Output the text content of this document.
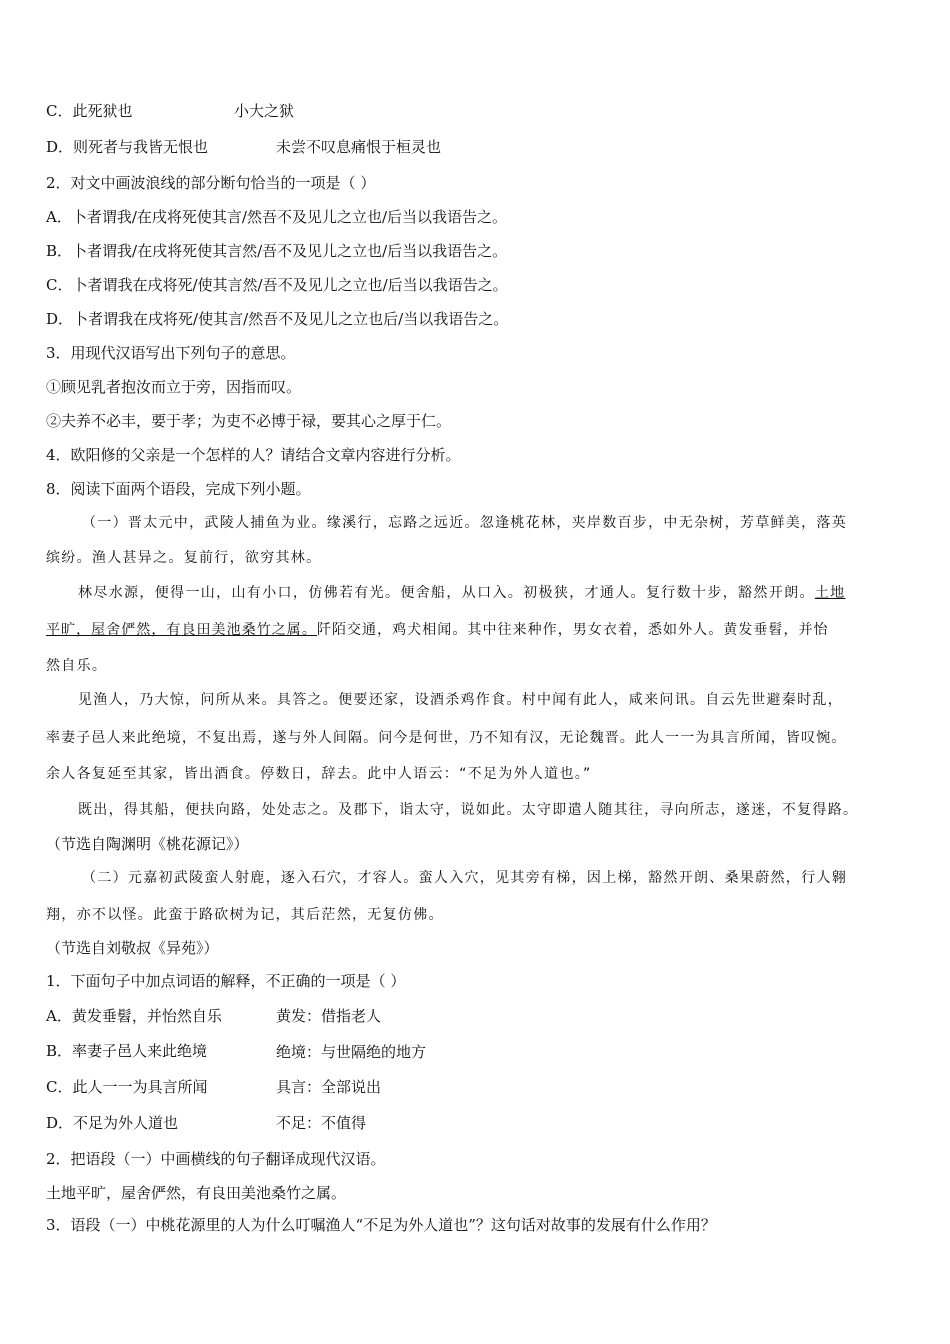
C．此死狱也	小大之狱
D．则死者与我皆无恨也	未尝不叹息痛恨于桓灵也
2．对文中画波浪线的部分断句恰当的一项是（ ）
A．卜者谓我/在戌将死使其言/然吾不及见儿之立也/后当以我语告之。
B．卜者谓我/在戌将死使其言然/吾不及见儿之立也/后当以我语告之。
C．卜者谓我在戌将死/使其言然/吾不及见儿之立也/后当以我语告之。
D．卜者谓我在戌将死/使其言/然吾不及见儿之立也后/当以我语告之。
3．用现代汉语写出下列句子的意思。
①顾见乳者抱汝而立于旁，因指而叹。
②夫养不必丰，要于孝；为吏不必博于禄，要其心之厚于仁。
4．欧阳修的父亲是一个怎样的人？请结合文章内容进行分析。
8．阅读下面两个语段，完成下列小题。
（一）晋太元中，武陵人捕鱼为业。缘溪行，忘路之远近。忽逢桃花林，夹岸数百步，中无杂树，芳草鲜美，落英
缤纷。渔人甚异之。复前行，欲穷其林。
林尽水源，便得一山，山有小口，仿佛若有光。便舍船，从口入。初极狭，才通人。复行数十步，豁然开朗。土地
平旷，屋舍俨然，有良田美池桑竹之属。阡陌交通，鸡犬相闻。其中往来种作，男女衣着，悉如外人。黄发垂髫，并怡
然自乐。
见渔人，乃大惊，问所从来。具答之。便要还家，设酒杀鸡作食。村中闻有此人，咸来问讯。自云先世避秦时乱，
率妻子邑人来此绝境，不复出焉，遂与外人间隔。问今是何世，乃不知有汉，无论魏晋。此人一一为具言所闻，皆叹惋。
余人各复延至其家，皆出酒食。停数日，辞去。此中人语云：“不足为外人道也。”
既出，得其船，便扶向路，处处志之。及郡下，诣太守，说如此。太守即遣人随其往，寻向所志，遂迷，不复得路。
（节选自陶渊明《桃花源记》）
（二）元嘉初武陵蛮人射鹿，逐入石穴，才容人。蛮人入穴，见其旁有梯，因上梯，豁然开朗、桑果蔚然，行人翱
翔，亦不以怪。此蛮于路砍树为记，其后茫然，无复仿佛。
（节选自刘敬叔《异苑》）
1．下面句子中加点词语的解释，不正确的一项是（ ）
A．黄发垂髫，并怡然自乐	黄发：借指老人
B．率妻子邑人来此绝境	绝境：与世隔绝的地方
C．此人一一为具言所闻	具言：全部说出
D．不足为外人道也	不足：不值得
2．把语段（一）中画横线的句子翻译成现代汉语。
土地平旷，屋舍俨然，有良田美池桑竹之属。
3．语段（一）中桃花源里的人为什么叮嘱渔人“不足为外人道也”？这句话对故事的发展有什么作用？
